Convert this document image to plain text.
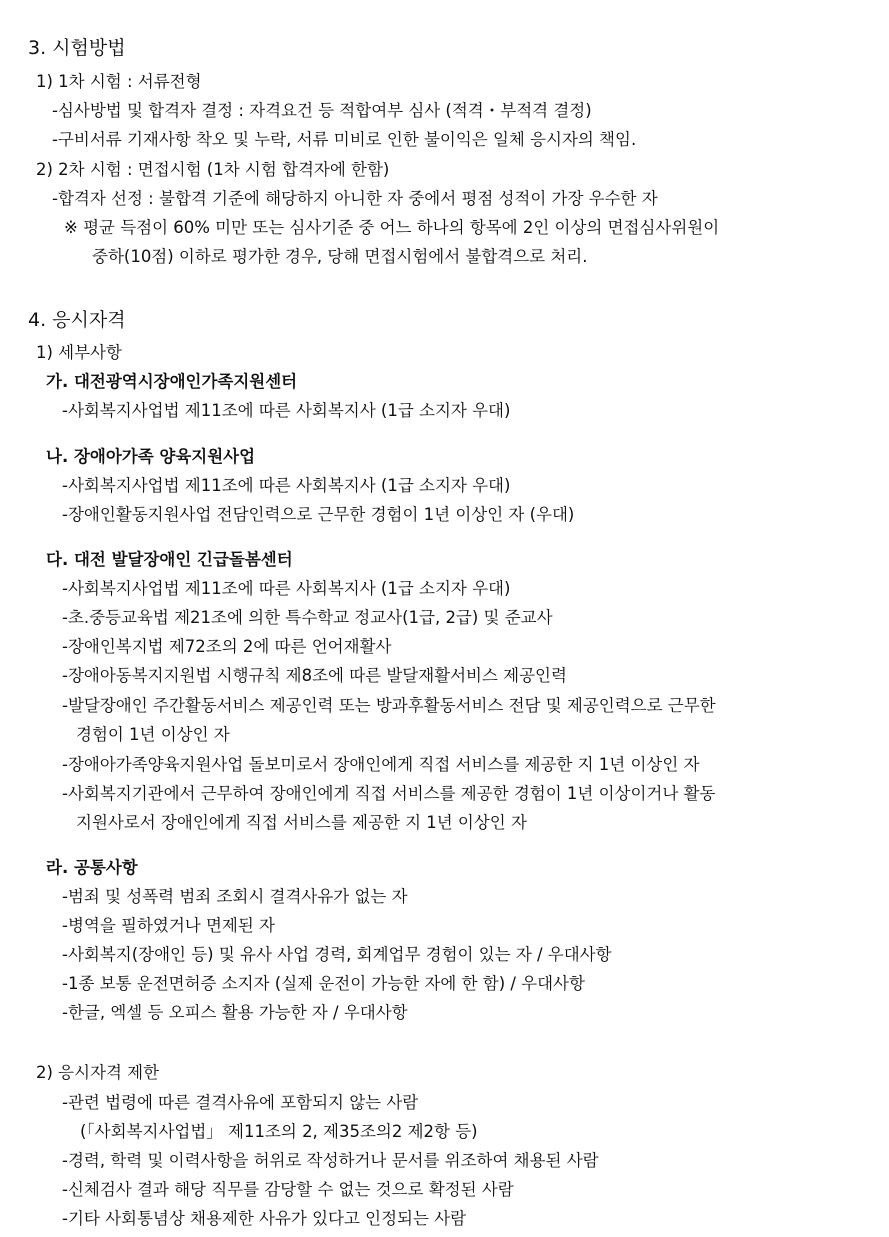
3. 시험방법
1) 1차 시험 : 서류전형
-심사방법 및 합격자 결정 : 자격요건 등 적합여부 심사 (적격・부적격 결정)
-구비서류 기재사항 착오 및 누락, 서류 미비로 인한 불이익은 일체 응시자의 책임.
2) 2차 시험 : 면접시험 (1차 시험 합격자에 한함)
-합격자 선정 : 불합격 기준에 해당하지 아니한 자 중에서 평점 성적이 가장 우수한 자
※ 평균 득점이 60% 미만 또는 심사기준 중 어느 하나의 항목에 2인 이상의 면접심사위원이
중하(10점) 이하로 평가한 경우, 당해 면접시험에서 불합격으로 처리.
4. 응시자격
1) 세부사항
가. 대전광역시장애인가족지원센터
-사회복지사업법 제11조에 따른 사회복지사 (1급 소지자 우대)
나. 장애아가족 양육지원사업
-사회복지사업법 제11조에 따른 사회복지사 (1급 소지자 우대)
-장애인활동지원사업 전담인력으로 근무한 경험이 1년 이상인 자 (우대)
다. 대전 발달장애인 긴급돌봄센터
-사회복지사업법 제11조에 따른 사회복지사 (1급 소지자 우대)
-초.중등교육법 제21조에 의한 특수학교 정교사(1급, 2급) 및 준교사
-장애인복지법 제72조의 2에 따른 언어재활사
-장애아동복지지원법 시행규칙 제8조에 따른 발달재활서비스 제공인력
-발달장애인 주간활동서비스 제공인력 또는 방과후활동서비스 전담 및 제공인력으로 근무한
경험이 1년 이상인 자
-장애아가족양육지원사업 돌보미로서 장애인에게 직접 서비스를 제공한 지 1년 이상인 자
-사회복지기관에서 근무하여 장애인에게 직접 서비스를 제공한 경험이 1년 이상이거나 활동
지원사로서 장애인에게 직접 서비스를 제공한 지 1년 이상인 자
라. 공통사항
-범죄 및 성폭력 범죄 조회시 결격사유가 없는 자
-병역을 필하였거나 면제된 자
-사회복지(장애인 등) 및 유사 사업 경력, 회계업무 경험이 있는 자 / 우대사항
-1종 보통 운전면허증 소지자 (실제 운전이 가능한 자에 한 함) / 우대사항
-한글, 엑셀 등 오피스 활용 가능한 자 / 우대사항
2) 응시자격 제한
-관련 법령에 따른 결격사유에 포함되지 않는 사람
(「사회복지사업법」 제11조의 2, 제35조의2 제2항 등)
-경력, 학력 및 이력사항을 허위로 작성하거나 문서를 위조하여 채용된 사람
-신체검사 결과 해당 직무를 감당할 수 없는 것으로 확정된 사람
-기타 사회통념상 채용제한 사유가 있다고 인정되는 사람
